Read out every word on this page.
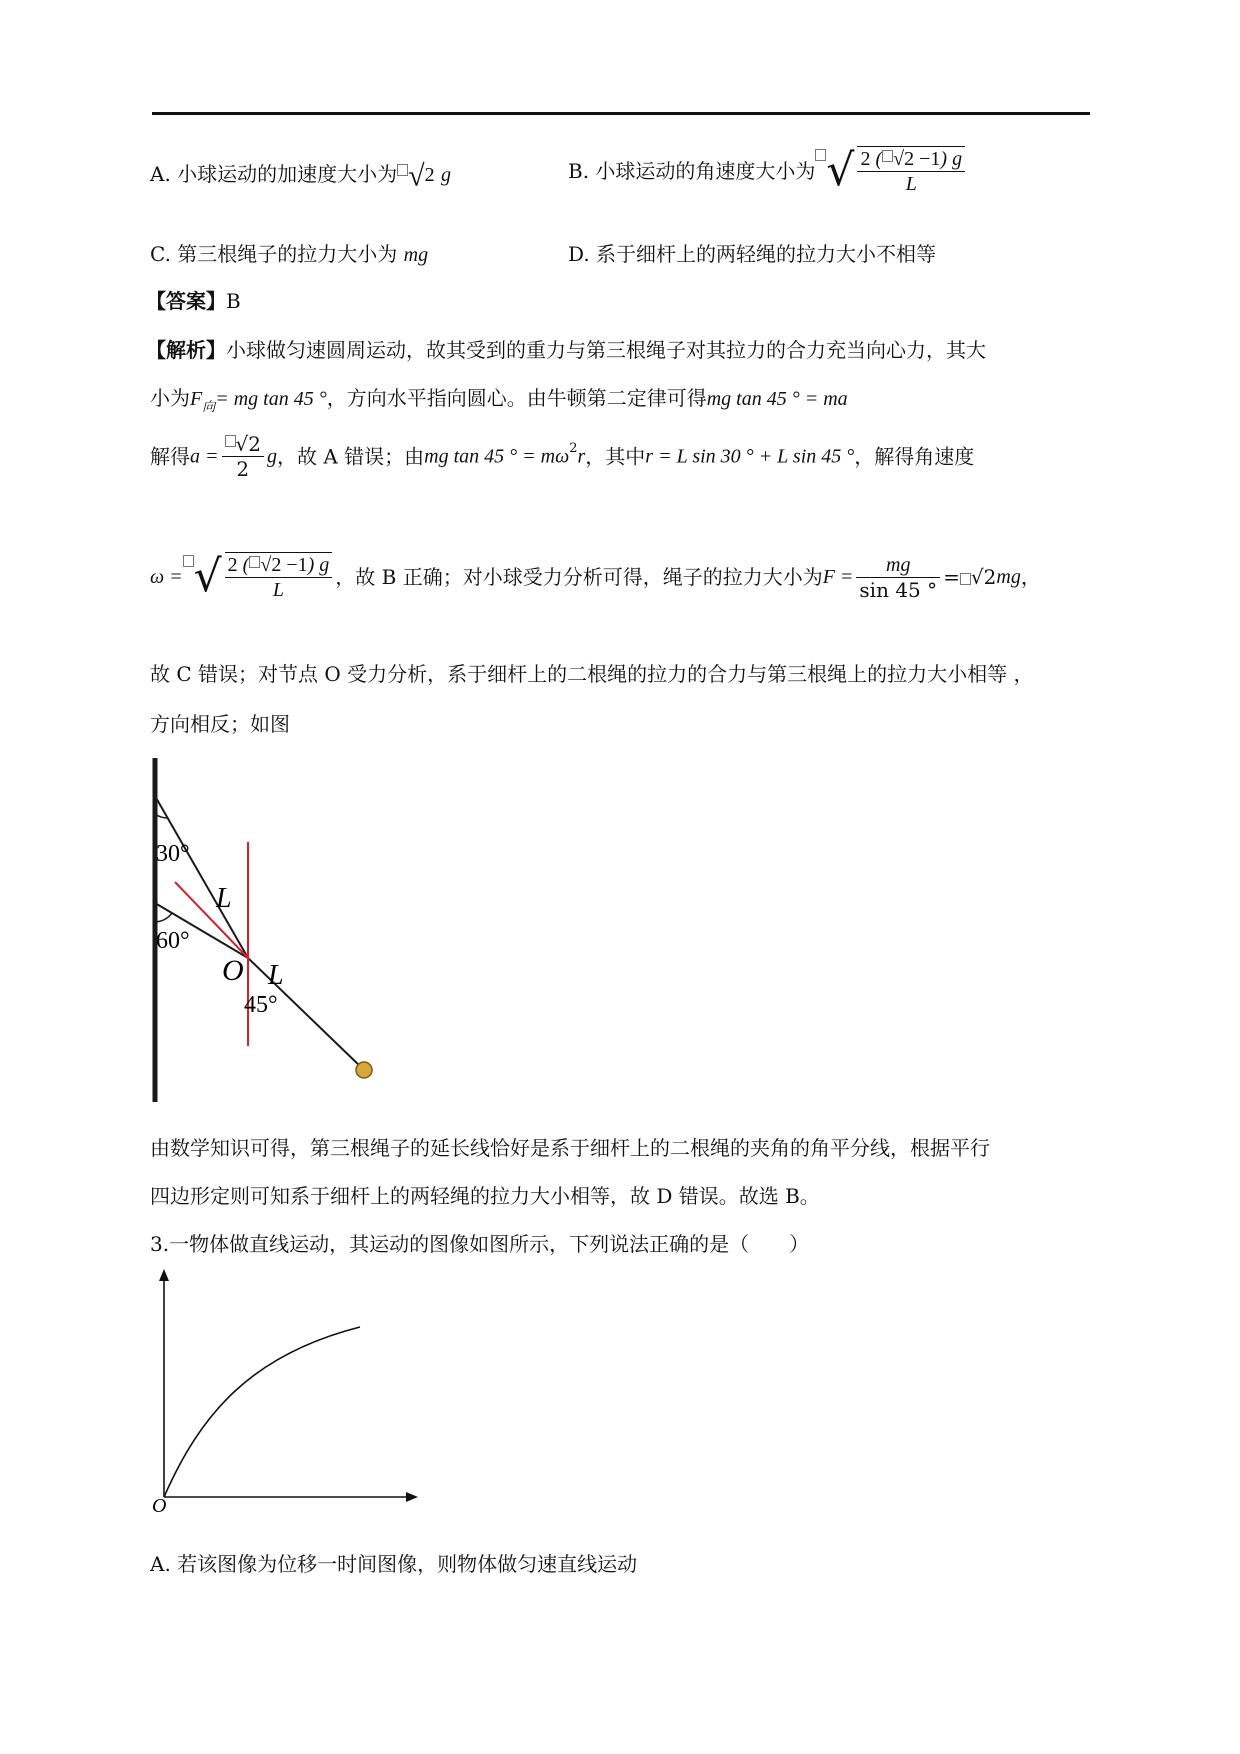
A. 小球运动的加速度大小为 √2 g	B. 小球运动的角速度大小为 √ $\frac{2 ( √2 -1) g}{L}$
C. 第三根绳子的拉力大小为 mg	D. 系于细杆上的两轻绳的拉力大小不相等
【答案】B
【解析】小球做匀速圆周运动，故其受到的重力与第三根绳子对其拉力的合力充当向心力，其大
小为$F_向=$ mg tan 45 °，方向水平指向圆心。由牛顿第二定律可得mg tan 45 ° = ma
解得$a = \frac{√2}{2}$ g，故 A 错误；由mg tan 45 ° = $m\omega^2r$，其中r = L sin 30 ° + L sin 45 °，解得角速度
ω = √ $\frac{2 ( √2 -1) g}{L}$ ，故 B 正确；对小球受力分析可得，绳子的拉力大小为$F = \frac{mg}{\sin 45 ^\circ} = √2mg$，
故 C 错误；对节点 O 受力分析，系于细杆上的二根绳的拉力的合力与第三根绳上的拉力大小相等 ，
方向相反；如图
30°
L
60°
O L
45°
由数学知识可得，第三根绳子的延长线恰好是系于细杆上的二根绳的夹角的角平分线，根据平行
四边形定则可知系于细杆上的两轻绳的拉力大小相等，故 D 错误。故选 B。
3.一物体做直线运动，其运动的图像如图所示，下列说法正确的是（　　）
O
A. 若该图像为位移一时间图像，则物体做匀速直线运动
